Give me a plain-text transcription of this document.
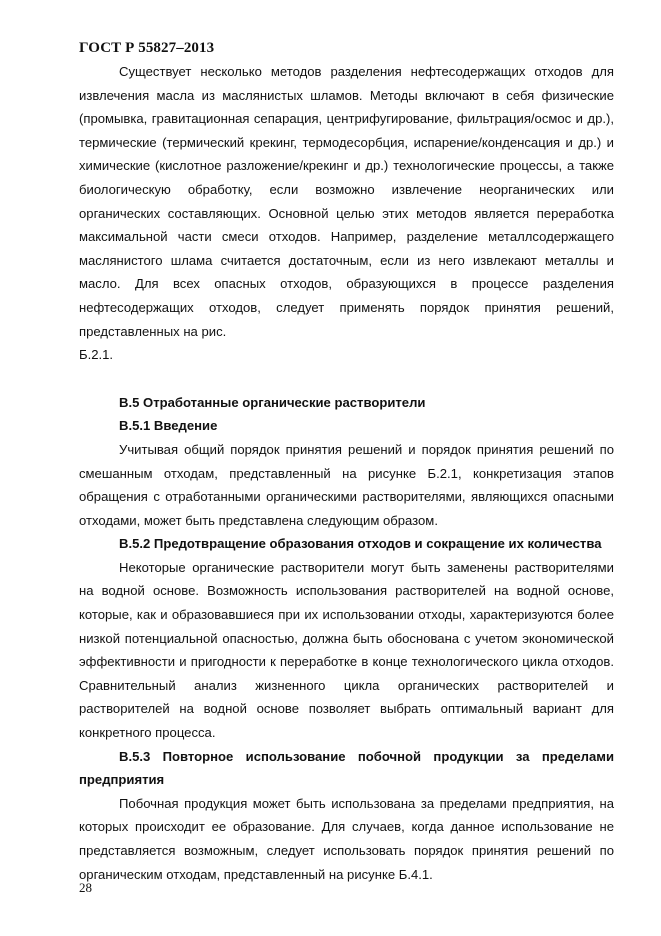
ГОСТ Р 55827–2013

Существует несколько методов разделения нефтесодержащих отходов для извлечения масла из маслянистых шламов. Методы включают в себя физические (промывка, гравитационная сепарация, центрифугирование, фильтрация/осмос и др.), термические (термический крекинг, термодесорбция, испарение/конденсация и др.) и химические (кислотное разложение/крекинг и др.) технологические процессы, а также биологическую обработку, если возможно извлечение неорганических или органических составляющих. Основной целью этих методов является переработка максимальной части смеси отходов. Например, разделение металлсодержащего маслянистого шлама считается достаточным, если из него извлекают металлы и масло. Для всех опасных отходов, образующихся в процессе разделения нефтесодержащих отходов, следует применять порядок принятия решений, представленных на рис.

Б.2.1.

В.5 Отработанные органические растворители

В.5.1 Введение

Учитывая общий порядок принятия решений и порядок принятия решений по смешанным отходам, представленный на рисунке Б.2.1, конкретизация этапов обращения с отработанными органическими растворителями, являющихся опасными отходами, может быть представлена следующим образом.

В.5.2 Предотвращение образования отходов и сокращение их количества

Некоторые органические растворители могут быть заменены растворителями на водной основе. Возможность использования растворителей на водной основе, которые, как и образовавшиеся при их использовании отходы, характеризуются более низкой потенциальной опасностью, должна быть обоснована с учетом экономической эффективности и пригодности к переработке в конце технологического цикла отходов. Сравнительный анализ жизненного цикла органических растворителей и растворителей на водной основе позволяет выбрать оптимальный вариант для конкретного процесса.

В.5.3 Повторное использование побочной продукции за пределами предприятия

Побочная продукция может быть использована за пределами предприятия, на которых происходит ее образование. Для случаев, когда данное использование не представляется возможным, следует использовать порядок принятия решений по органическим отходам, представленный на рисунке Б.4.1.

28
